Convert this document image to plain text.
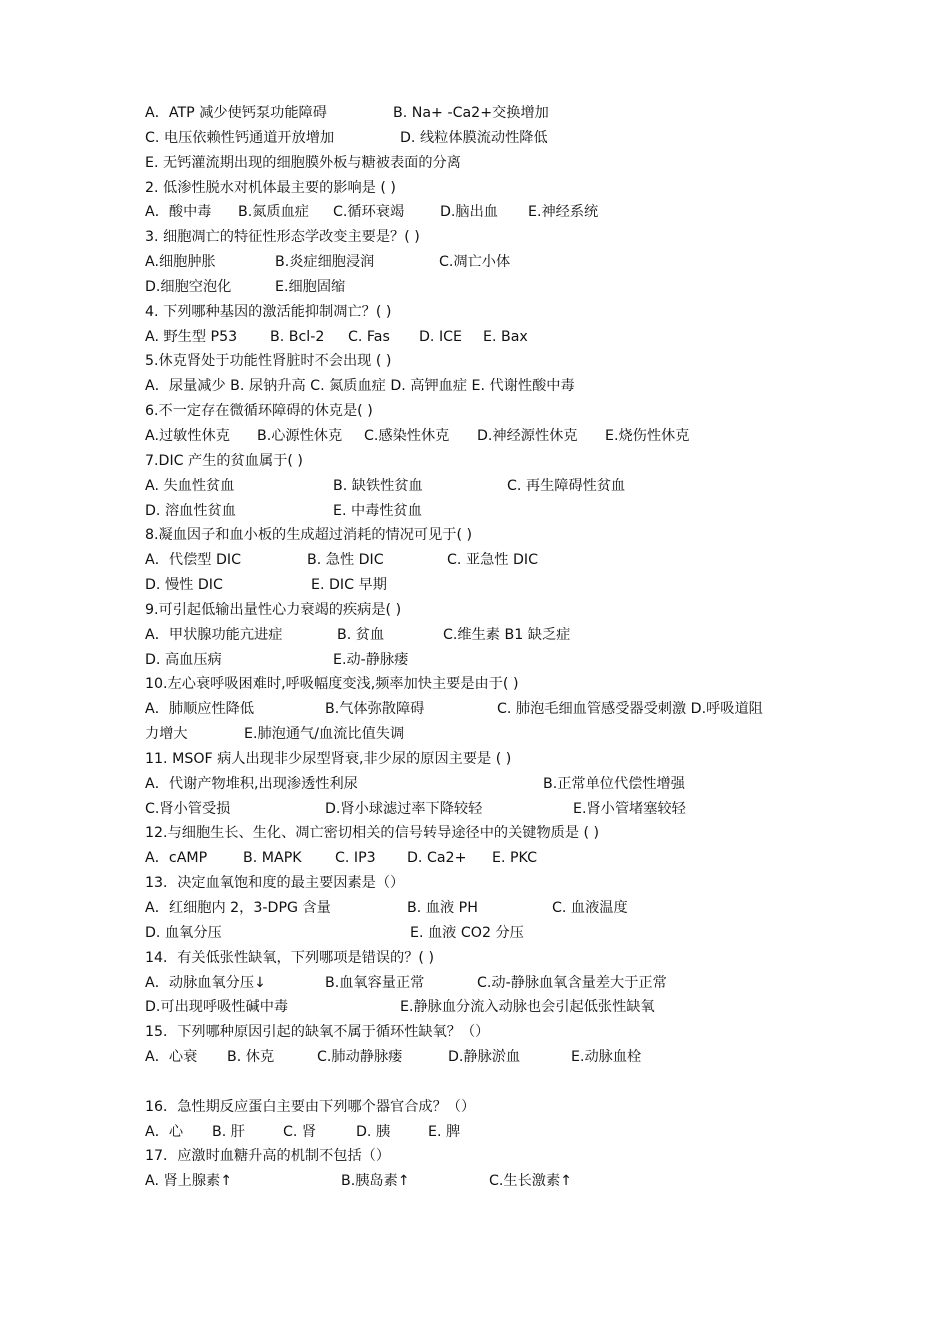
A．ATP 减少使钙泵功能障碍	B. Na+ -Ca2+交换增加
C. 电压依赖性钙通道开放增加	D. 线粒体膜流动性降低
E. 无钙灌流期出现的细胞膜外板与糖被表面的分离
2. 低渗性脱水对机体最主要的影响是 ( )
A．酸中毒 B.氮质血症 C.循环衰竭	D.脑出血 E.神经系统
3. 细胞凋亡的特征性形态学改变主要是？( )
A.细胞肿胀	B.炎症细胞浸润	C.凋亡小体
D.细胞空泡化	E.细胞固缩
4. 下列哪种基因的激活能抑制凋亡？( )
A. 野生型 P53 B. Bcl-2 C. Fas D. ICE E. Bax
5.休克肾处于功能性肾脏时不会出现 ( )
A．尿量减少 B. 尿钠升高 C. 氮质血症 D. 高钾血症 E. 代谢性酸中毒
6.不一定存在微循环障碍的休克是( )
A.过敏性休克 B.心源性休克 C.感染性休克 D.神经源性休克 E.烧伤性休克
7.DIC 产生的贫血属于( )
A. 失血性贫血	B. 缺铁性贫血	C. 再生障碍性贫血
D. 溶血性贫血	E. 中毒性贫血
8.凝血因子和血小板的生成超过消耗的情况可见于( )
A．代偿型 DIC	B. 急性 DIC	C. 亚急性 DIC
D. 慢性 DIC	E. DIC 早期
9.可引起低输出量性心力衰竭的疾病是( )
A．甲状腺功能亢进症	B. 贫血	C.维生素 B1 缺乏症
D. 高血压病	E.动-静脉瘘
10.左心衰呼吸困难时,呼吸幅度变浅,频率加快主要是由于( )
A．肺顺应性降低	B.气体弥散障碍	C. 肺泡毛细血管感受器受刺激 D.呼吸道阻
力增大	E.肺泡通气/血流比值失调
11. MSOF 病人出现非少尿型肾衰,非少尿的原因主要是 ( )
A．代谢产物堆积,出现渗透性利尿	B.正常单位代偿性增强
C.肾小管受损	D.肾小球滤过率下降较轻	E.肾小管堵塞较轻
12.与细胞生长、生化、凋亡密切相关的信号转导途径中的关键物质是 ( )
A．cAMP	B. MAPK C. IP3 D. Ca2+ E. PKC
13．决定血氧饱和度的最主要因素是（）
A．红细胞内 2，3-DPG 含量	B. 血液 PH	C. 血液温度
D. 血氧分压	E. 血液 CO2 分压
14．有关低张性缺氧，下列哪项是错误的？( )
A．动脉血氧分压↓	B.血氧容量正常	C.动-静脉血氧含量差大于正常
D.可出现呼吸性碱中毒	E.静脉血分流入动脉也会引起低张性缺氧
15．下列哪种原因引起的缺氧不属于循环性缺氧？（）
A．心衰 B. 休克	C.肺动静脉瘘	D.静脉淤血	E.动脉血栓
16．急性期反应蛋白主要由下列哪个器官合成？（）
A．心 B. 肝	C. 肾	D. 胰	E. 脾
17．应激时血糖升高的机制不包括（）
A. 肾上腺素↑	B.胰岛素↑	C.生长激素↑
